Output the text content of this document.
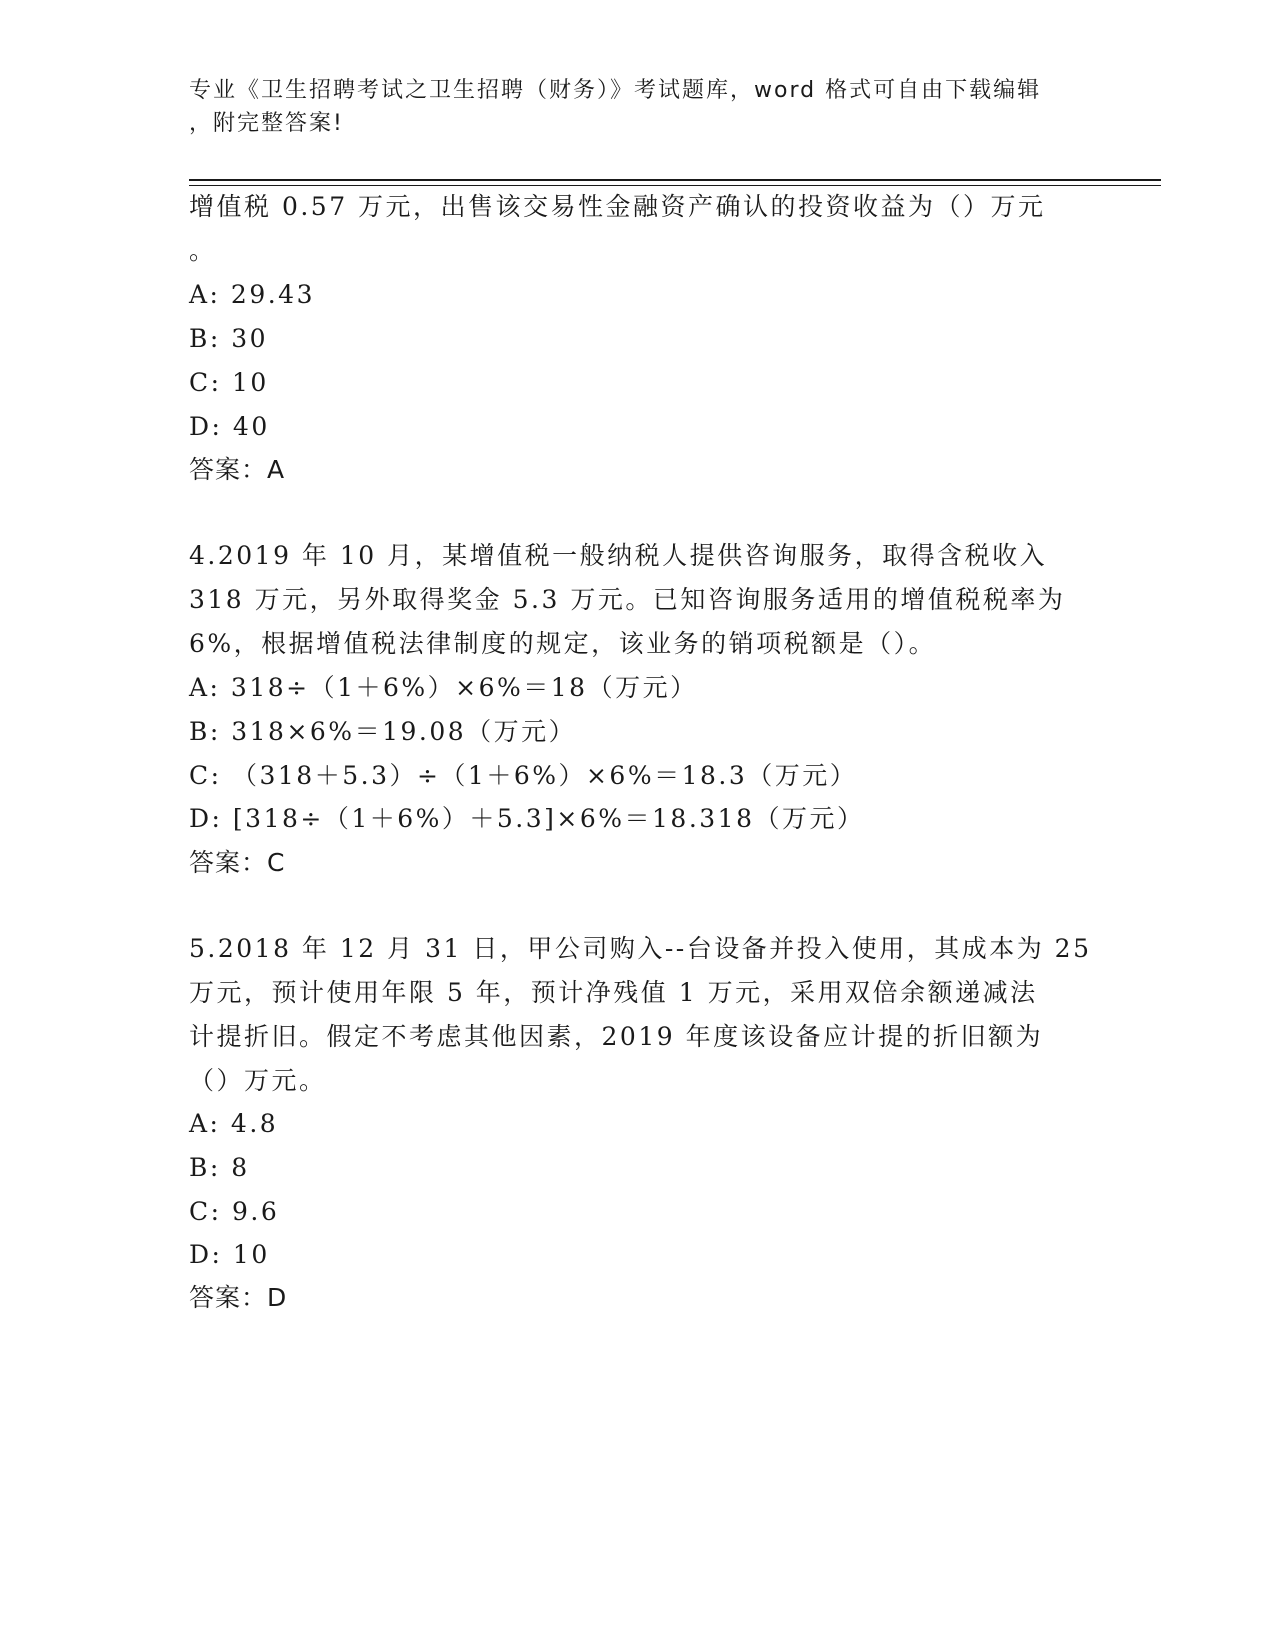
专业《卫生招聘考试之卫生招聘（财务）》考试题库，word 格式可自由下载编辑
，附完整答案!
增值税 0.57 万元，出售该交易性金融资产确认的投资收益为（）万元
。
A: 29.43
B: 30
C: 10
D: 40
答案：A
4.2019 年 10 月，某增值税一般纳税人提供咨询服务，取得含税收入
318 万元，另外取得奖金 5.3 万元。已知咨询服务适用的增值税税率为
6%，根据增值税法律制度的规定，该业务的销项税额是（）。
A: 318÷（1＋6%）×6%＝18（万元）
B: 318×6%＝19.08（万元）
C: （318＋5.3）÷（1＋6%）×6%＝18.3（万元）
D: [318÷（1＋6%）＋5.3]×6%＝18.318（万元）
答案：C
5.2018 年 12 月 31 日，甲公司购入--台设备并投入使用，其成本为 25
万元，预计使用年限 5 年，预计净残值 1 万元，采用双倍余额递减法
计提折旧。假定不考虑其他因素，2019 年度该设备应计提的折旧额为
（）万元。
A: 4.8
B: 8
C: 9.6
D: 10
答案：D
